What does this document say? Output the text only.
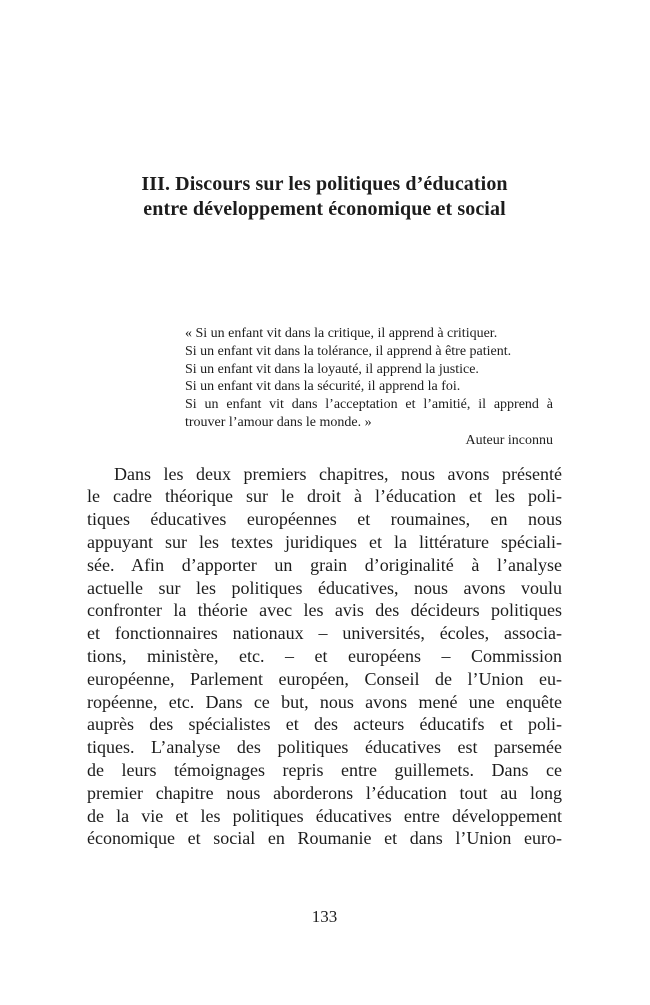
III. Discours sur les politiques d’éducation
entre développement économique et social
« Si un enfant vit dans la critique, il apprend à critiquer.
Si un enfant vit dans la tolérance, il apprend à être patient.
Si un enfant vit dans la loyauté, il apprend la justice.
Si un enfant vit dans la sécurité, il apprend la foi.
Si un enfant vit dans l’acceptation et l’amitié, il apprend à
trouver l’amour dans le monde. »
Auteur inconnu
Dans les deux premiers chapitres, nous avons présenté
le cadre théorique sur le droit à l’éducation et les poli-
tiques éducatives européennes et roumaines, en nous
appuyant sur les textes juridiques et la littérature spéciali-
sée. Afin d’apporter un grain d’originalité à l’analyse
actuelle sur les politiques éducatives, nous avons voulu
confronter la théorie avec les avis des décideurs politiques
et fonctionnaires nationaux – universités, écoles, associa-
tions, ministère, etc. – et européens – Commission
européenne, Parlement européen, Conseil de l’Union eu-
ropéenne, etc. Dans ce but, nous avons mené une enquête
auprès des spécialistes et des acteurs éducatifs et poli-
tiques. L’analyse des politiques éducatives est parsemée
de leurs témoignages repris entre guillemets. Dans ce
premier chapitre nous aborderons l’éducation tout au long
de la vie et les politiques éducatives entre développement
économique et social en Roumanie et dans l’Union euro-
133
